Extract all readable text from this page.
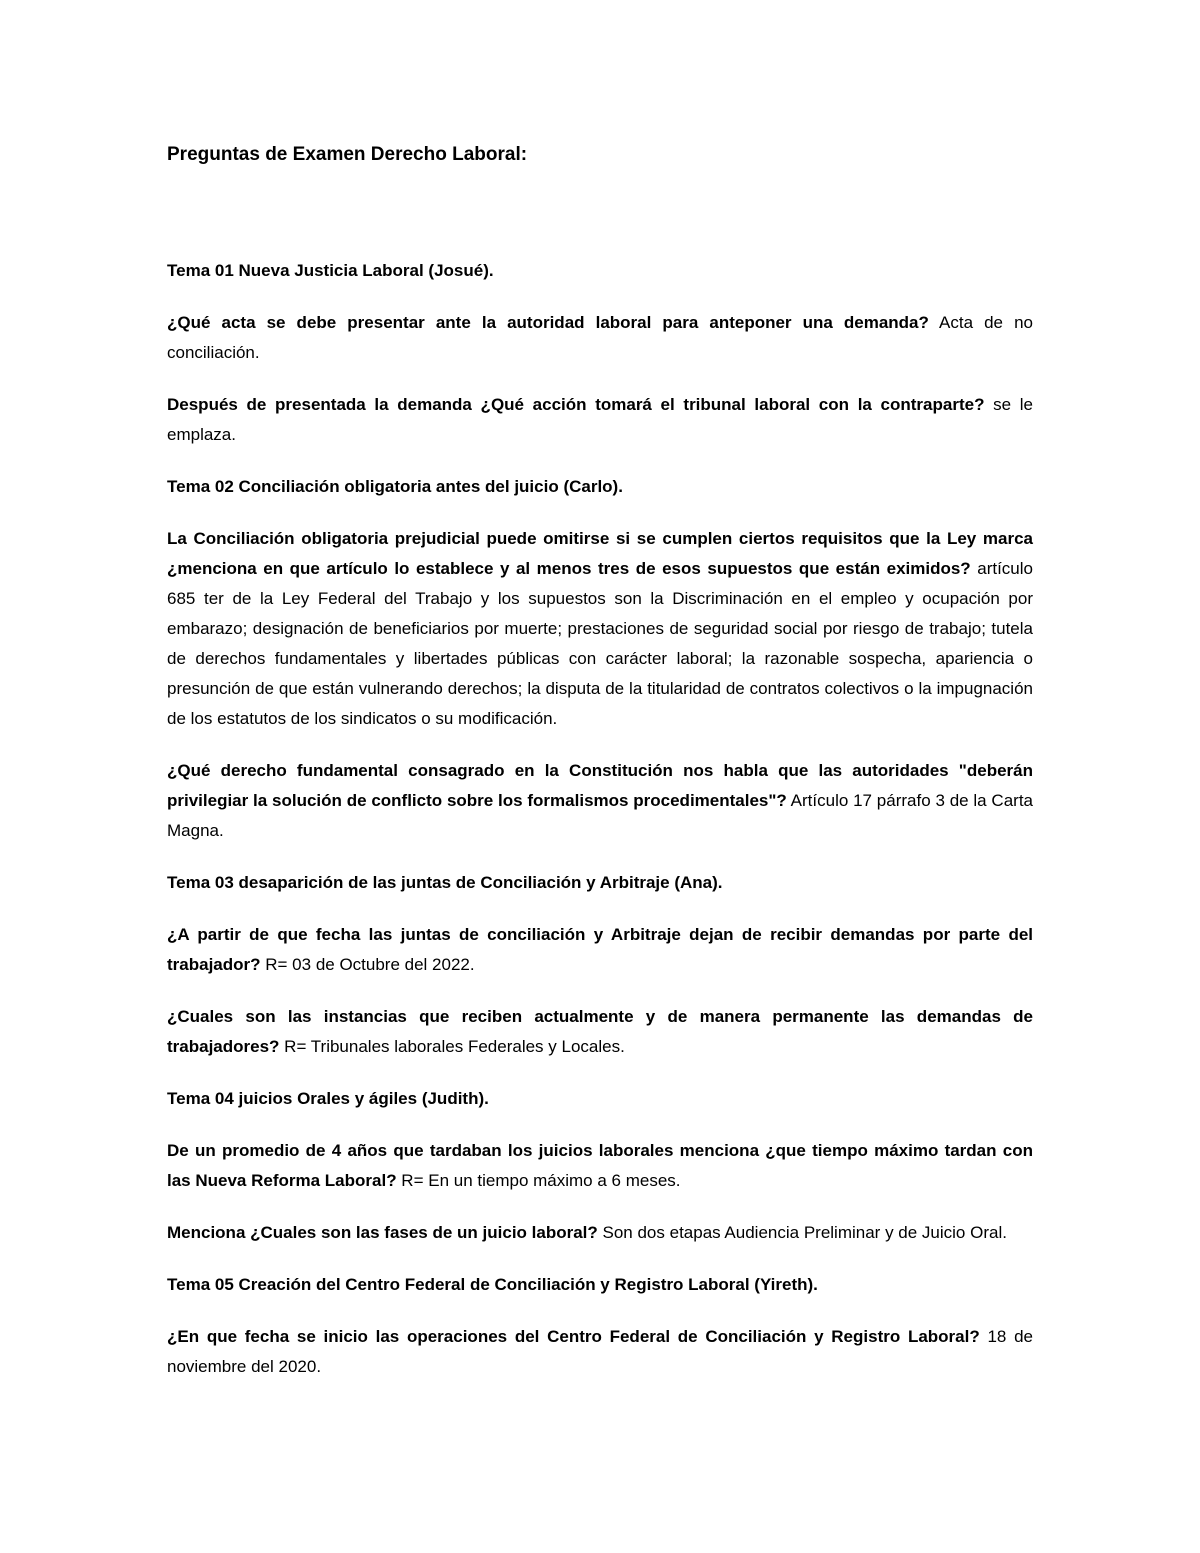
Preguntas de Examen Derecho Laboral:

Tema 01 Nueva Justicia Laboral (Josué).

¿Qué acta se debe presentar ante la autoridad laboral para anteponer una demanda? Acta de no conciliación.

Después de presentada la demanda ¿Qué acción tomará el tribunal laboral con la contraparte? se le emplaza.

Tema 02 Conciliación obligatoria antes del juicio (Carlo).

La Conciliación obligatoria prejudicial puede omitirse si se cumplen ciertos requisitos que la Ley marca ¿menciona en que artículo lo establece y al menos tres de esos supuestos que están eximidos? artículo 685 ter de la Ley Federal del Trabajo y los supuestos son la Discriminación en el empleo y ocupación por embarazo; designación de beneficiarios por muerte; prestaciones de seguridad social por riesgo de trabajo; tutela de derechos fundamentales y libertades públicas con carácter laboral; la razonable sospecha, apariencia o presunción de que están vulnerando derechos; la disputa de la titularidad de contratos colectivos o la impugnación de los estatutos de los sindicatos o su modificación.

¿Qué derecho fundamental consagrado en la Constitución nos habla que las autoridades "deberán privilegiar la solución de conflicto sobre los formalismos procedimentales"? Artículo 17 párrafo 3 de la Carta Magna.

Tema 03 desaparición de las juntas de Conciliación y Arbitraje (Ana).

¿A partir de que fecha las juntas de conciliación y Arbitraje dejan de recibir demandas por parte del trabajador? R= 03 de Octubre del 2022.

¿Cuales son las instancias que reciben actualmente y de manera permanente las demandas de trabajadores? R= Tribunales laborales Federales y Locales.

Tema 04 juicios Orales y ágiles (Judith).

De un promedio de 4 años que tardaban los juicios laborales menciona ¿que tiempo máximo tardan con las Nueva Reforma Laboral? R= En un tiempo máximo a 6 meses.

Menciona ¿Cuales son las fases de un juicio laboral? Son dos etapas Audiencia Preliminar y de Juicio Oral.

Tema 05 Creación del Centro Federal de Conciliación y Registro Laboral (Yireth).

¿En que fecha se inicio las operaciones del Centro Federal de Conciliación y Registro Laboral? 18 de noviembre del 2020.
